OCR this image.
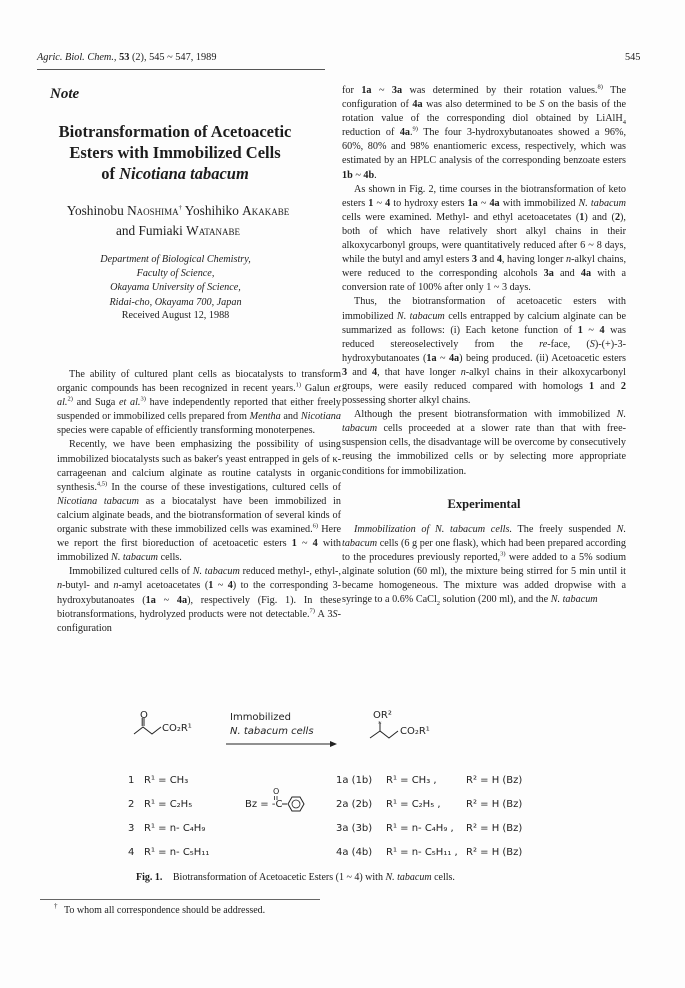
Agric. Biol. Chem., 53 (2), 545 ~ 547, 1989	545
Note
Biotransformation of Acetoacetic
Esters with Immobilized Cells
of Nicotiana tabacum
Yoshinobu Naoshima† Yoshihiko Akakabe
and Fumiaki Watanabe
Department of Biological Chemistry,
Faculty of Science,
Okayama University of Science,
Ridai-cho, Okayama 700, Japan
Received August 12, 1988

The ability of cultured plant cells as biocatalysts to transform organic compounds has been recognized in recent years.$^{1)}$ Galun et al.$^{2)}$ and Suga et al.$^{3)}$ have independently reported that either freely suspended or immobilized cells prepared from Mentha and Nicotiana species were capable of efficiently transforming monoterpenes.

Recently, we have been emphasizing the possibility of using immobilized biocatalysts such as baker's yeast entrapped in gels of κ-carrageenan and calcium alginate as routine catalysts in organic synthesis.$^{4,5)}$ In the course of these investigations, cultured cells of Nicotiana tabacum as a biocatalyst have been immobilized in calcium alginate beads, and the biotransformation of several kinds of organic substrate with these immobilized cells was examined.$^{6)}$ Here we report the first bioreduction of acetoacetic esters 1 ~ 4 with immobilized N. tabacum cells.

Immobilized cultured cells of N. tabacum reduced methyl-, ethyl-, n-butyl- and n-amyl acetoacetates (1 ~ 4) to the corresponding 3-hydroxybutanoates (1a ~ 4a), respectively (Fig. 1). In these biotransformations, hydrolyzed products were not detectable.$^{7)}$ A 3S-configuration

for 1a ~ 3a was determined by their rotation values.$^{8)}$ The configuration of 4a was also determined to be S on the basis of the rotation value of the corresponding diol obtained by LiAlH$_4$ reduction of 4a.$^{9)}$ The four 3-hydroxybutanoates showed a 96%, 60%, 80% and 98% enantiomeric excess, respectively, which was estimated by an HPLC analysis of the corresponding benzoate esters 1b ~ 4b.

As shown in Fig. 2, time courses in the biotransformation of keto esters 1 ~ 4 to hydroxy esters 1a ~ 4a with immobilized N. tabacum cells were examined. Methyl- and ethyl acetoacetates (1) and (2), both of which have relatively short alkyl chains in their alkoxycarbonyl groups, were quantitatively reduced after 6 ~ 8 days, while the butyl and amyl esters 3 and 4, having longer n-alkyl chains, were reduced to the corresponding alcohols 3a and 4a with a conversion rate of 100% after only 1 ~ 3 days.

Thus, the biotransformation of acetoacetic esters with immobilized N. tabacum cells entrapped by calcium alginate can be summarized as follows: (i) Each ketone function of 1 ~ 4 was reduced stereoselectively from the re-face, (S)-(+)-3-hydroxybutanoates (1a ~ 4a) being produced. (ii) Acetoacetic esters 3 and 4, that have longer n-alkyl chains in their alkoxycarbonyl groups, were easily reduced compared with homologs 1 and 2 possessing shorter alkyl chains.

Although the present biotransformation with immobilized N. tabacum cells proceeded at a slower rate than that with free-suspension cells, the disadvantage will be overcome by consecutively reusing the immobilized cells or by selecting more appropriate conditions for immobilization.

Experimental

Immobilization of N. tabacum cells. The freely suspended N. tabacum cells (6 g per one flask), which had been prepared according to the procedures previously reported,$^{3)}$ were added to a 5% sodium alginate solution (60 ml), the mixture being stirred for 5 min until it became homogeneous. The mixture was added dropwise with a syringe to a 0.6% CaCl$_2$ solution (200 ml), and the N. tabacum

O
CO₂R¹
Immobilized
N. tabacum cells
OR²
*
CO₂R¹
1 R¹ = CH₃
2 R¹ = C₂H₅
3 R¹ = n- C₄H₉
4 R¹ = n- C₅H₁₁
Bz = -C-
O
1a (1b) R¹ = CH₃ ,	R² = H (Bz)
2a (2b) R¹ = C₂H₅ ,	R² = H (Bz)
3a (3b) R¹ = n- C₄H₉ , R² = H (Bz)
4a (4b) R¹ = n- C₅H₁₁ , R² = H (Bz)
Fig. 1. Biotransformation of Acetoacetic Esters (1 ~ 4) with N. tabacum cells.
† To whom all correspondence should be addressed.
